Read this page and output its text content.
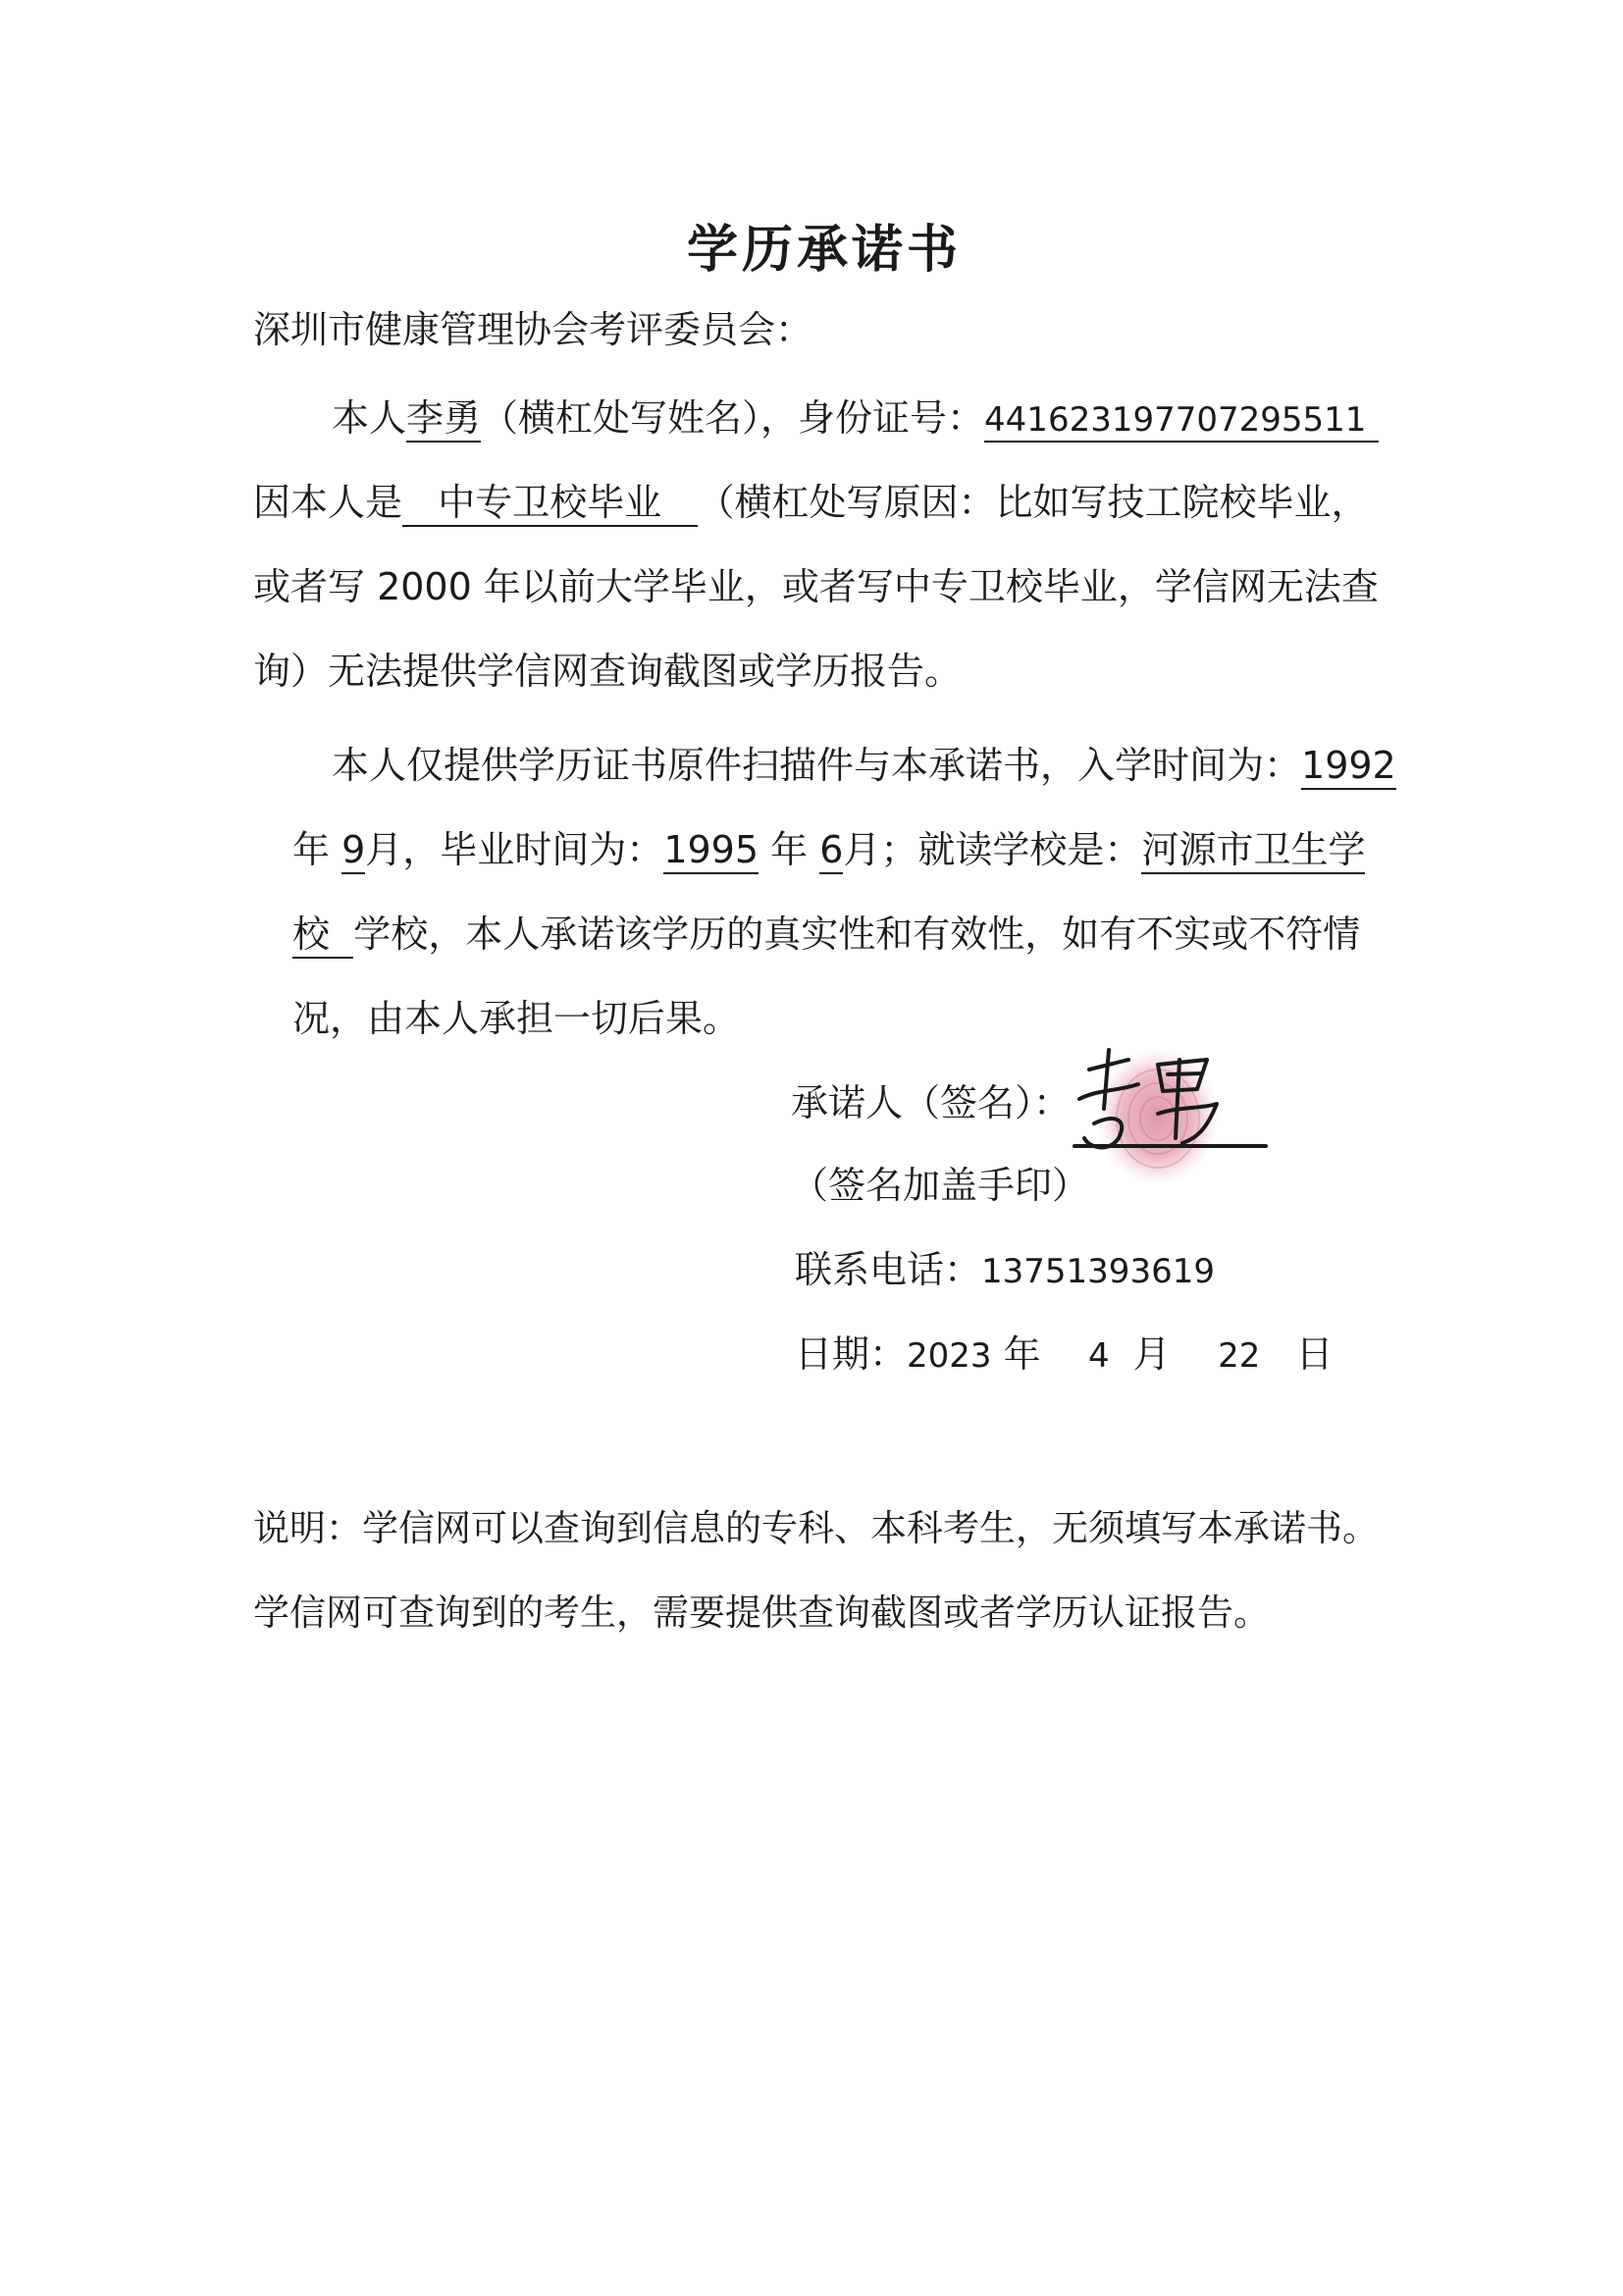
学历承诺书
深圳市健康管理协会考评委员会：
本人李勇（横杠处写姓名），身份证号：441623197707295511
因本人是 中专卫校毕业 （横杠处写原因：比如写技工院校毕业，
或者写 2000 年以前大学毕业，或者写中专卫校毕业，学信网无法查
询）无法提供学信网查询截图或学历报告。
本人仅提供学历证书原件扫描件与本承诺书，入学时间为：1992
年 9月，毕业时间为：1995 年 6月；就读学校是：河源市卫生学
校 学校，本人承诺该学历的真实性和有效性，如有不实或不符情
况，由本人承担一切后果。
承诺人（签名）：
（签名加盖手印）
联系电话：13751393619
日期：2023 年 4 月 22 日
说明：学信网可以查询到信息的专科、本科考生，无须填写本承诺书。
学信网可查询到的考生，需要提供查询截图或者学历认证报告。
